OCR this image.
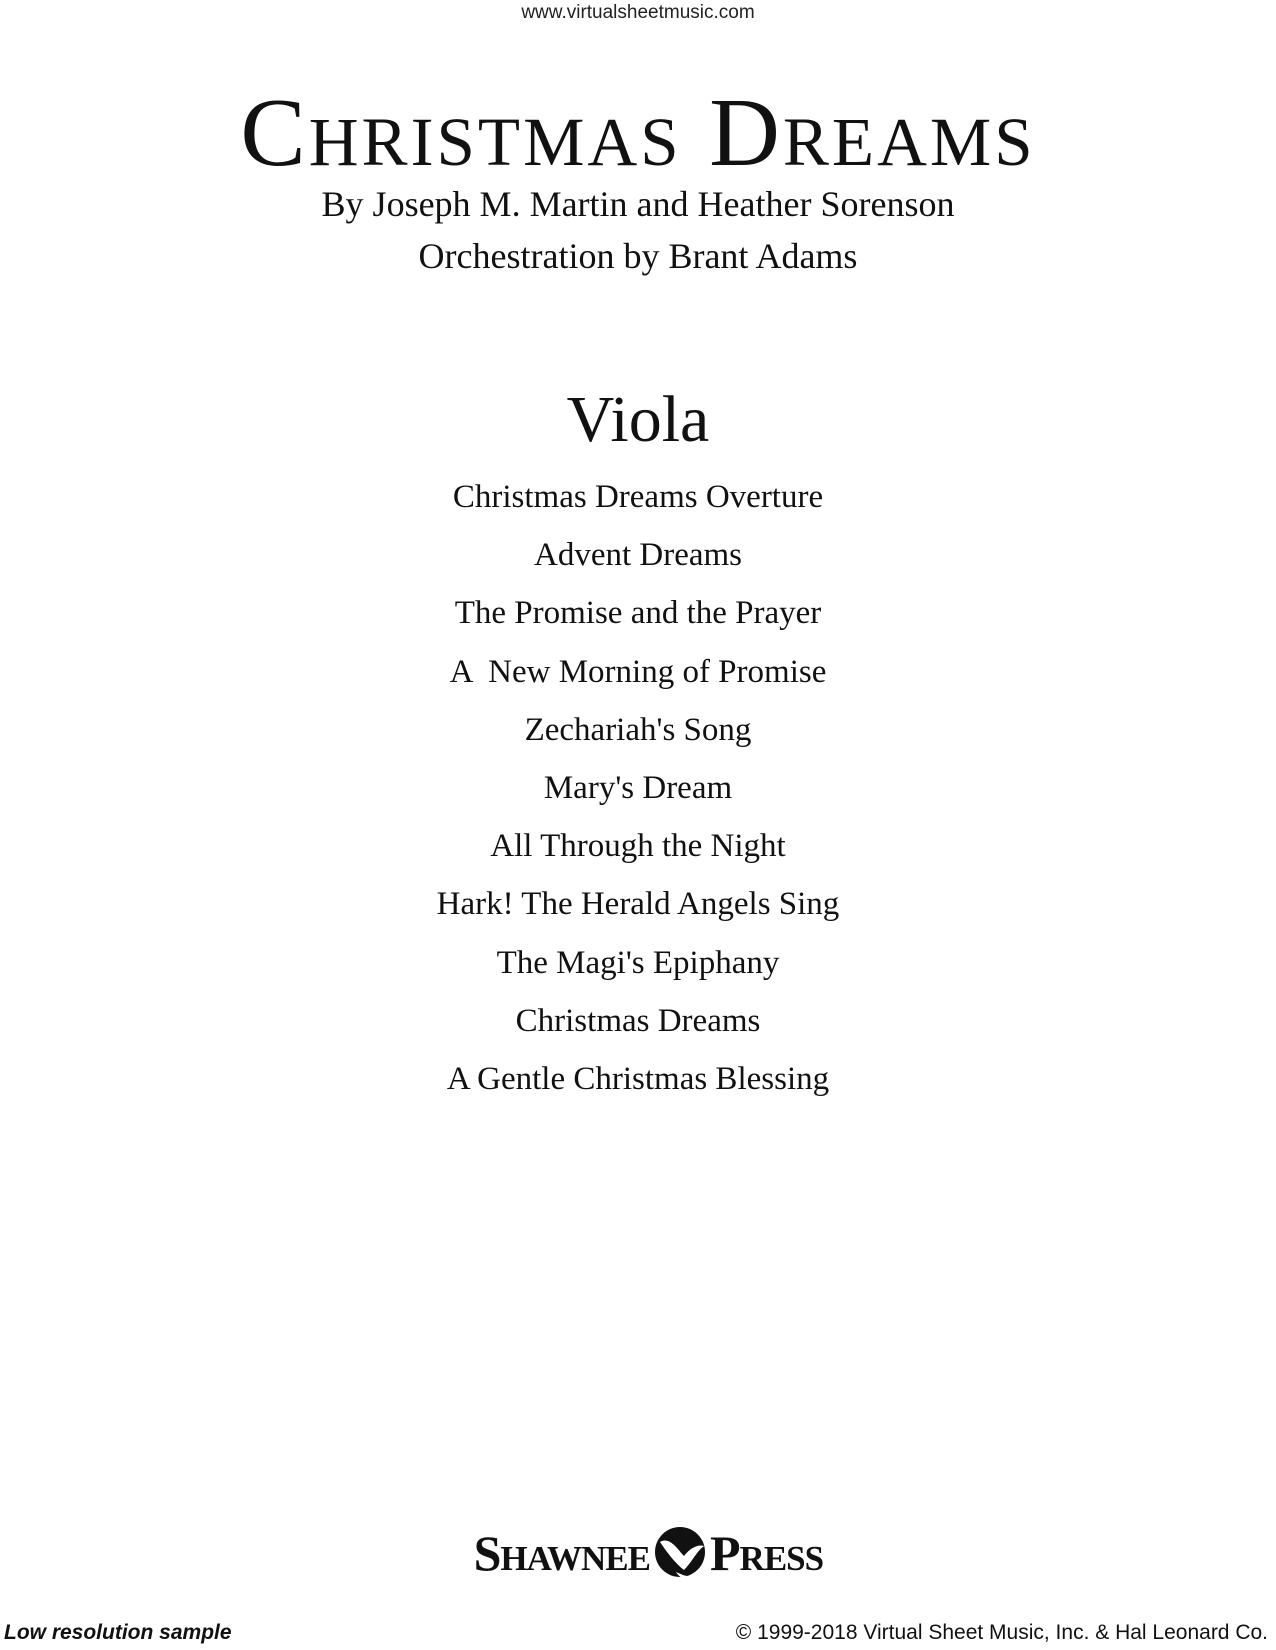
www.virtualsheetmusic.com
Christmas Dreams
By Joseph M. Martin and Heather Sorenson
Orchestration by Brant Adams
Viola
Christmas Dreams Overture
Advent Dreams
The Promise and the Prayer
A  New Morning of Promise
Zechariah's Song
Mary's Dream
All Through the Night
Hark! The Herald Angels Sing
The Magi's Epiphany
Christmas Dreams
A Gentle Christmas Blessing
Shawnee Press
Low resolution sample	© 1999-2018 Virtual Sheet Music, Inc. & Hal Leonard Co.
